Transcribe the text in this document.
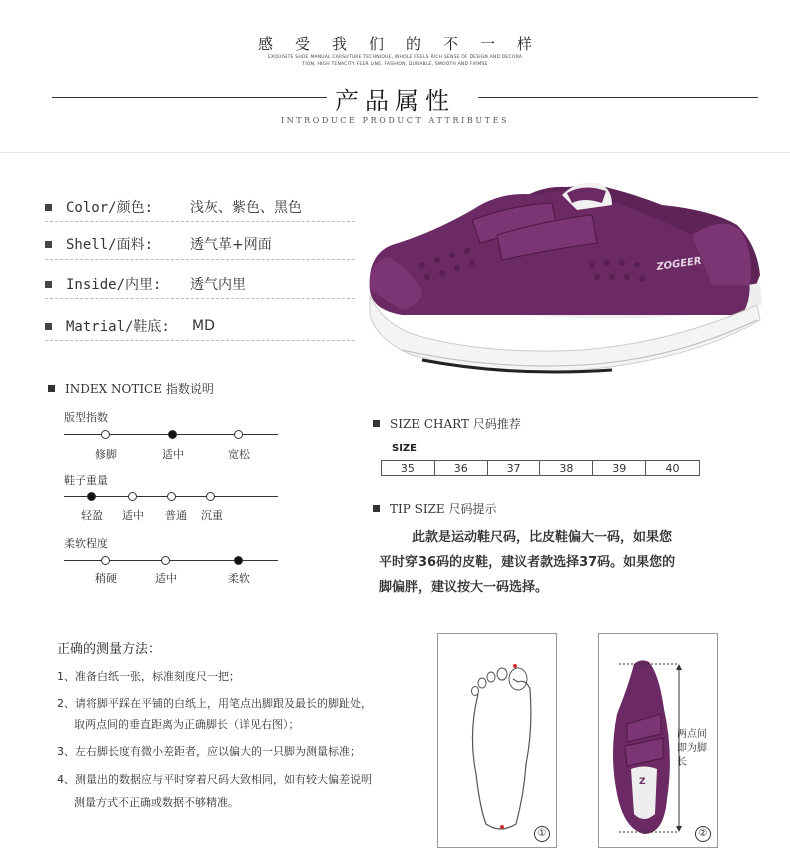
感受我们的不一样
EXQUISITE SHOE MANUAL CARSUTURE TECHNIQUE, WHOLE FEELS RICH SENSE OF DESIGN AND DECORA
TION, HIGH TENACITY FEER LINE, FASHION, DURABLE, SMOOTH AND FIRMSE
产品属性
INTRODUCE PRODUCT ATTRIBUTES
Color/颜色:	浅灰、紫色、黑色
Shell/面料:	透气革+网面
Inside/内里: 透气内里
Matrial/鞋底: MD
ZOGEER
INDEX NOTICE 指数说明
版型指数
修脚	适中	宽松
鞋子重量
轻盈	适中	普通	沉重
柔软程度
稍硬	适中	柔软
SIZE CHART 尺码推荐
SIZE
35	36	37	38	39	40
TIP SIZE 尺码提示
此款是运动鞋尺码，比皮鞋偏大一码，如果您
平时穿36码的皮鞋，建议者款选择37码。如果您的
脚偏胖，建议按大一码选择。
正确的测量方法：
1、准备白纸一张，标准刻度尺一把；
2、请将脚平踩在平铺的白纸上，用笔点出脚跟及最长的脚趾处，
取两点间的垂直距离为正确脚长（详见右图）；
3、左右脚长度有微小差距者，应以偏大的一只脚为测量标准；
4、测量出的数据应与平时穿着尺码大致相同，如有较大偏差说明
测量方式不正确或数据不够精准。
①
Z
两点间即为脚长
②
